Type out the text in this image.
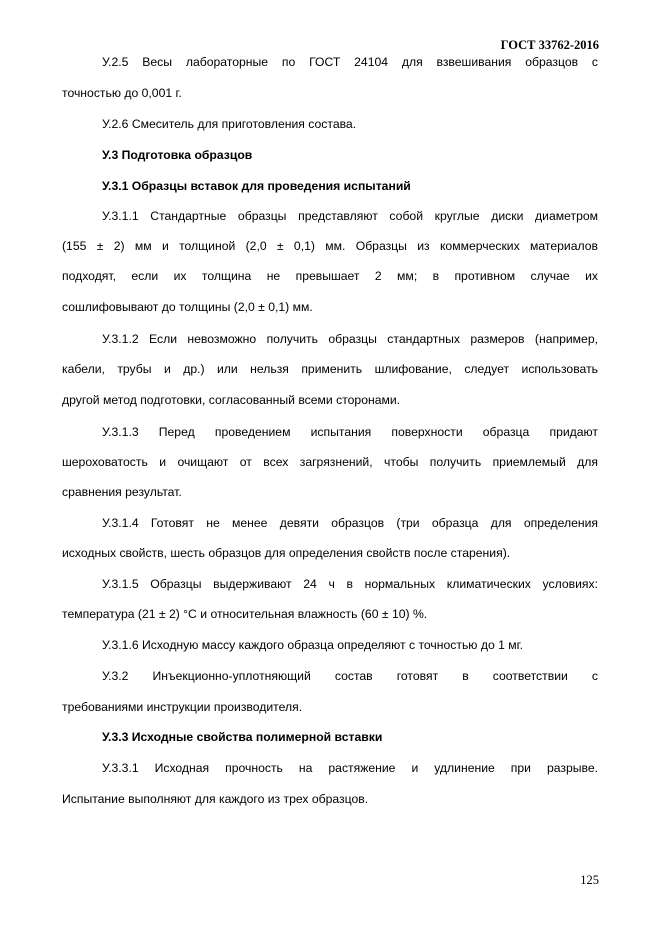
ГОСТ 33762-2016
У.2.5 Весы лабораторные по ГОСТ 24104 для взвешивания образцов с
точностью до 0,001 г.
У.2.6 Смеситель для приготовления состава.
У.3 Подготовка образцов
У.3.1 Образцы вставок для проведения испытаний
У.3.1.1 Стандартные образцы представляют собой круглые диски диаметром
(155 ± 2) мм и толщиной (2,0 ± 0,1) мм. Образцы из коммерческих материалов
подходят, если их толщина не превышает 2 мм; в противном случае их
сошлифовывают до толщины (2,0 ± 0,1) мм.
У.3.1.2 Если невозможно получить образцы стандартных размеров (например,
кабели, трубы и др.) или нельзя применить шлифование, следует использовать
другой метод подготовки, согласованный всеми сторонами.
У.3.1.3 Перед проведением испытания поверхности образца придают
шероховатость и очищают от всех загрязнений, чтобы получить приемлемый для
сравнения результат.
У.3.1.4 Готовят не менее девяти образцов (три образца для определения
исходных свойств, шесть образцов для определения свойств после старения).
У.3.1.5 Образцы выдерживают 24 ч в нормальных климатических условиях:
температура (21 ± 2) °С и относительная влажность (60 ± 10) %.
У.3.1.6 Исходную массу каждого образца определяют с точностью до 1 мг.
У.3.2 Инъекционно-уплотняющий состав готовят в соответствии с
требованиями инструкции производителя.
У.3.3 Исходные свойства полимерной вставки
У.3.3.1 Исходная прочность на растяжение и удлинение при разрыве.
Испытание выполняют для каждого из трех образцов.
125
